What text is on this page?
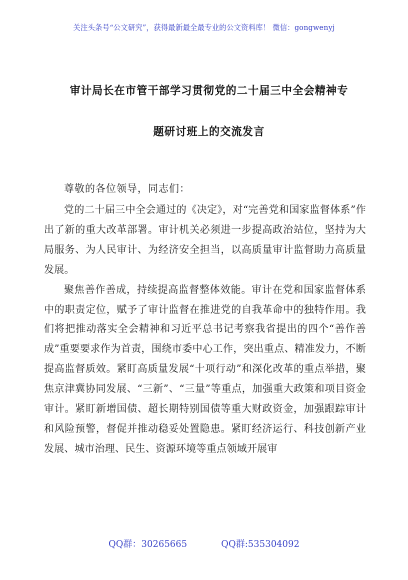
关注头条号“公文研究”，获得最新最全最专业的公文资料库！ 微信：gongwenyj
审计局长在市管干部学习贯彻党的二十届三中全会精神专
题研讨班上的交流发言
尊敬的各位领导，同志们：

党的二十届三中全会通过的《决定》，对“完善党和国家监督体系”作出了新的重大改革部署。审计机关必须进一步提高政治站位，坚持为大局服务、为人民审计、为经济安全担当，以高质量审计监督助力高质量发展。

聚焦善作善成，持续提高监督整体效能。审计在党和国家监督体系中的职责定位，赋予了审计监督在推进党的自我革命中的独特作用。我们将把推动落实全会精神和习近平总书记考察我省提出的四个“善作善成”重要要求作为首责，围绕市委中心工作，突出重点、精准发力，不断提高监督质效。紧盯高质量发展“十项行动”和深化改革的重点举措，聚焦京津冀协同发展、“三新”、“三量”等重点，加强重大政策和项目资金审计。紧盯新增国债、超长期特别国债等重大财政资金，加强跟踪审计和风险预警，督促并推动稳妥处置隐患。紧盯经济运行、科技创新产业发展、城市治理、民生、资源环境等重点领域开展审

QQ群：30265665	QQ群:535304092
